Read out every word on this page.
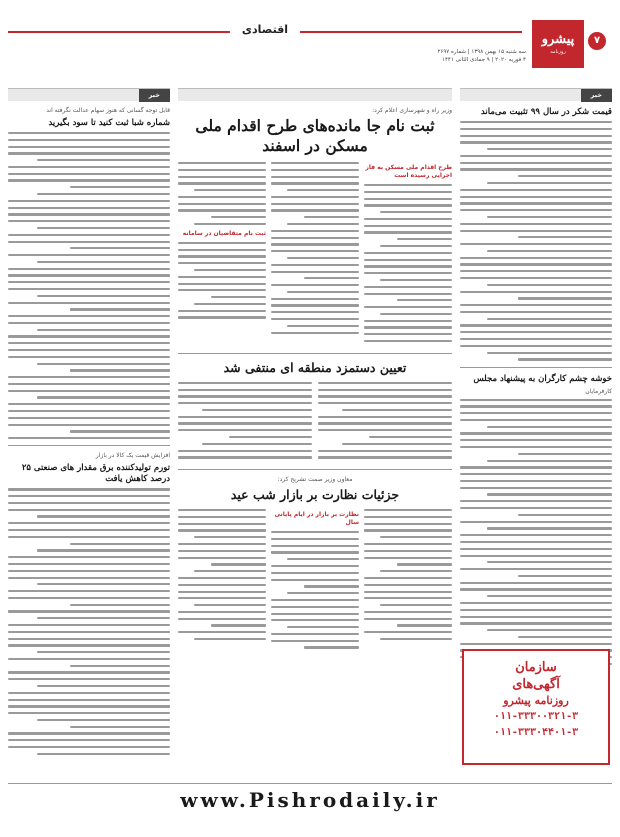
۷
پیشرو
روزنامه
سه شنبه ۱۵ بهمن ۱۳۹۸ | شماره ۲۶۹۷
۴ فوریه ۲۰۲۰ | ۹ جمادی الثانی ۱۴۴۱
اقتصادی
خبر
قیمت شکر در سال ۹۹ تثبیت می‌ماند
خوشه چشم کارگران به پیشنهاد مجلس
کارفرمایان
وزیر راه و شهرسازی اعلام کرد:
ثبت نام جا مانده‌های طرح اقدام ملی مسکن در اسفند
طرح اقدام ملی مسکن به فاز اجرایی رسیده است
ثبت نام متقاضیان در سامانه
تعیین دستمزد منطقه ای منتفی شد
معاون وزیر صمت تشریح کرد:
جزئیات نظارت بر بازار شب عید
نظارت بر بازار در ایام پایانی سال
خبر
قابل توجه گسانی که هنوز سهام عدالت نگرفته اند
شماره شبا ثبت کنید تا سود بگیرید
افزایش قیمت یک کالا در بازار
تورم تولیدکننده برق مقدار های صنعتی ۲۵ درصد کاهش یافت
سازمان
آگهی‌های
روزنامه پیشرو
۰۱۱-۳۳۳۰۰۳۲۱-۳
۰۱۱-۳۳۳۰۴۴۰۱-۳
www.Pishrodaily.ir
